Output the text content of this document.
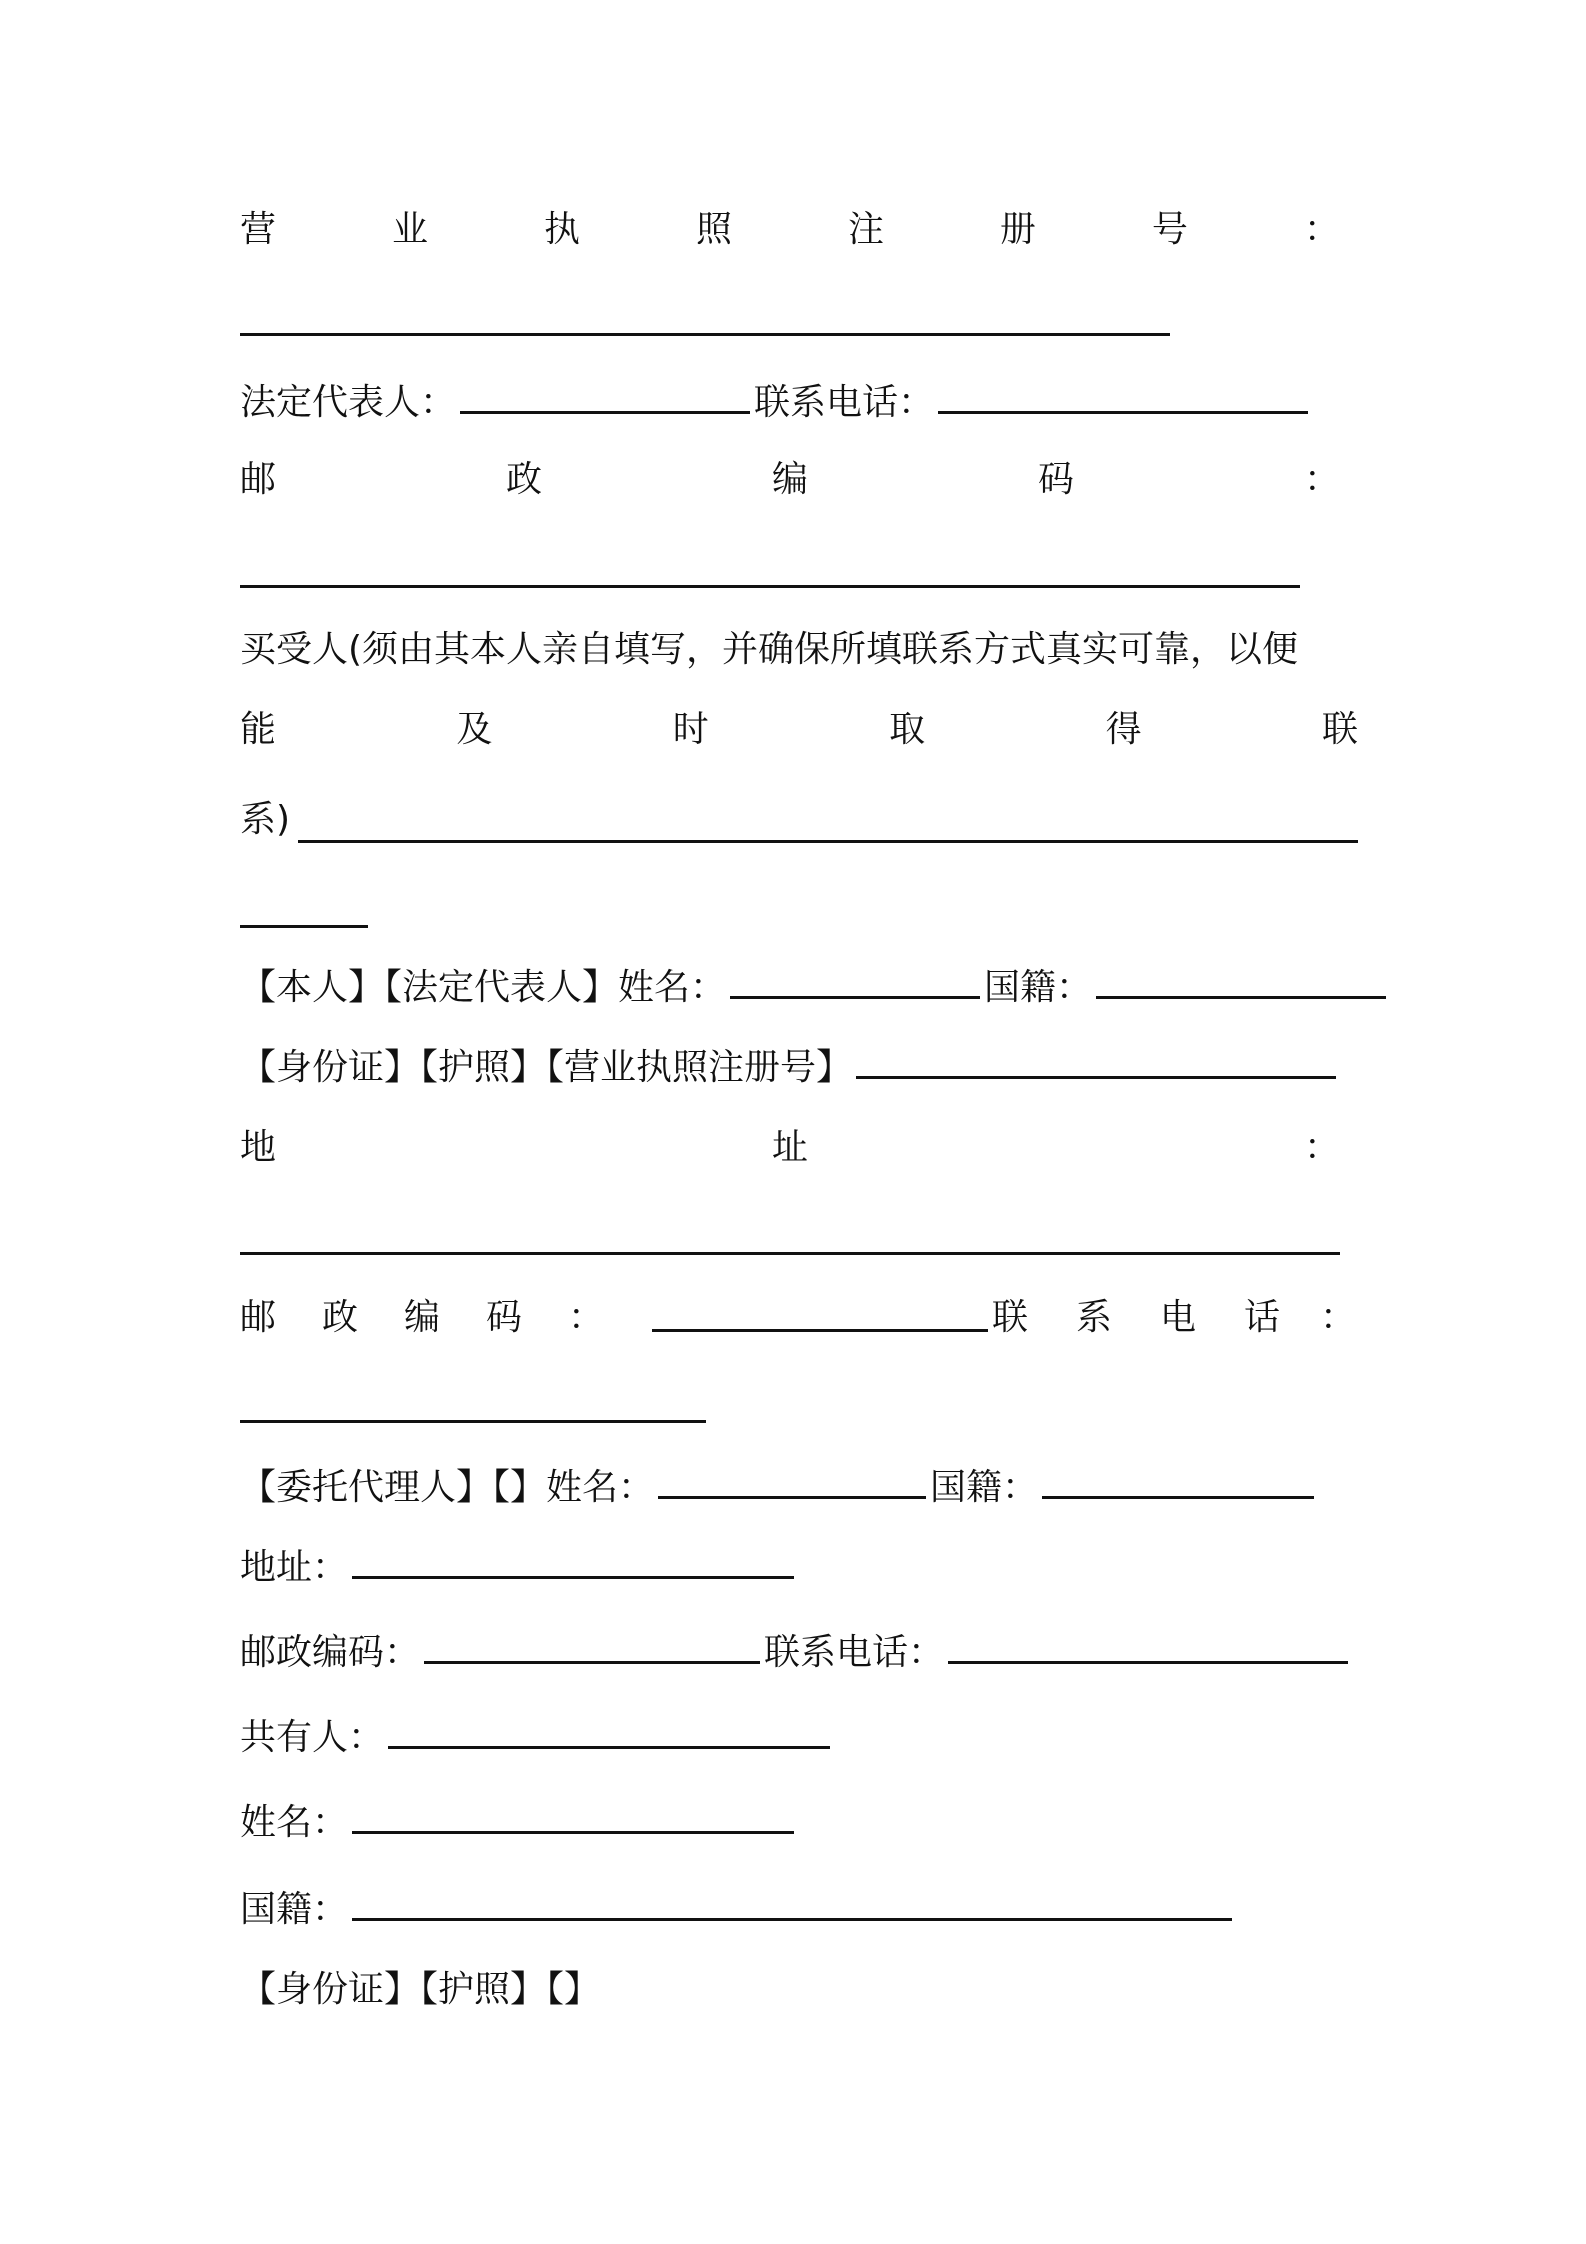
营	业	执	照	注	册	号	：
法定代表人：	联系电话：
邮	政	编	码	：
买受人(须由其本人亲自填写，并确保所填联系方式真实可靠，以便
能	及	时	取	得	联
系)
【本人】【法定代表人】姓名：	国籍：
【身份证】【护照】【营业执照注册号】
地	址	：
邮 政 编 码 ：	联 系 电 话 ：
【委托代理人】【】姓名：	国籍：
地址：
邮政编码：	联系电话：
共有人：
姓名：
国籍：
【身份证】【护照】【】
